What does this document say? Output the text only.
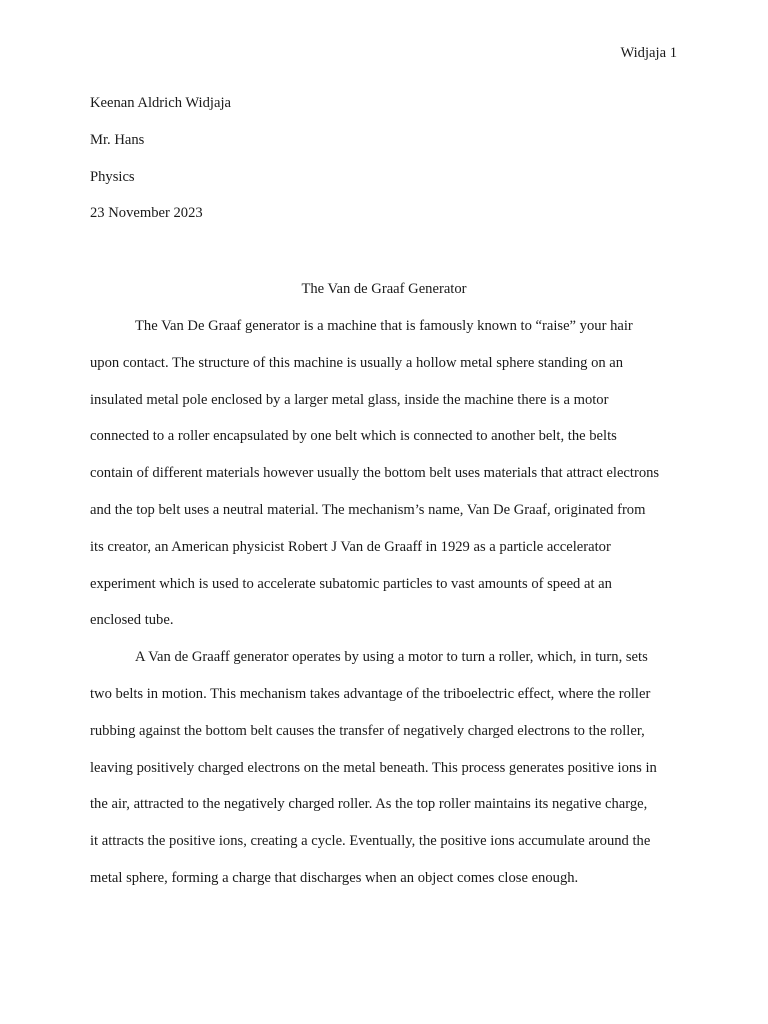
Widjaja 1
Keenan Aldrich Widjaja
Mr. Hans
Physics
23 November 2023
The Van de Graaf Generator
The Van De Graaf generator is a machine that is famously known to “raise” your hair
upon contact. The structure of this machine is usually a hollow metal sphere standing on an
insulated metal pole enclosed by a larger metal glass, inside the machine there is a motor
connected to a roller encapsulated by one belt which is connected to another belt, the belts
contain of different materials however usually the bottom belt uses materials that attract electrons
and the top belt uses a neutral material. The mechanism’s name, Van De Graaf, originated from
its creator, an American physicist Robert J Van de Graaff in 1929 as a particle accelerator
experiment which is used to accelerate subatomic particles to vast amounts of speed at an
enclosed tube.
A Van de Graaff generator operates by using a motor to turn a roller, which, in turn, sets
two belts in motion. This mechanism takes advantage of the triboelectric effect, where the roller
rubbing against the bottom belt causes the transfer of negatively charged electrons to the roller,
leaving positively charged electrons on the metal beneath. This process generates positive ions in
the air, attracted to the negatively charged roller. As the top roller maintains its negative charge,
it attracts the positive ions, creating a cycle. Eventually, the positive ions accumulate around the
metal sphere, forming a charge that discharges when an object comes close enough.
